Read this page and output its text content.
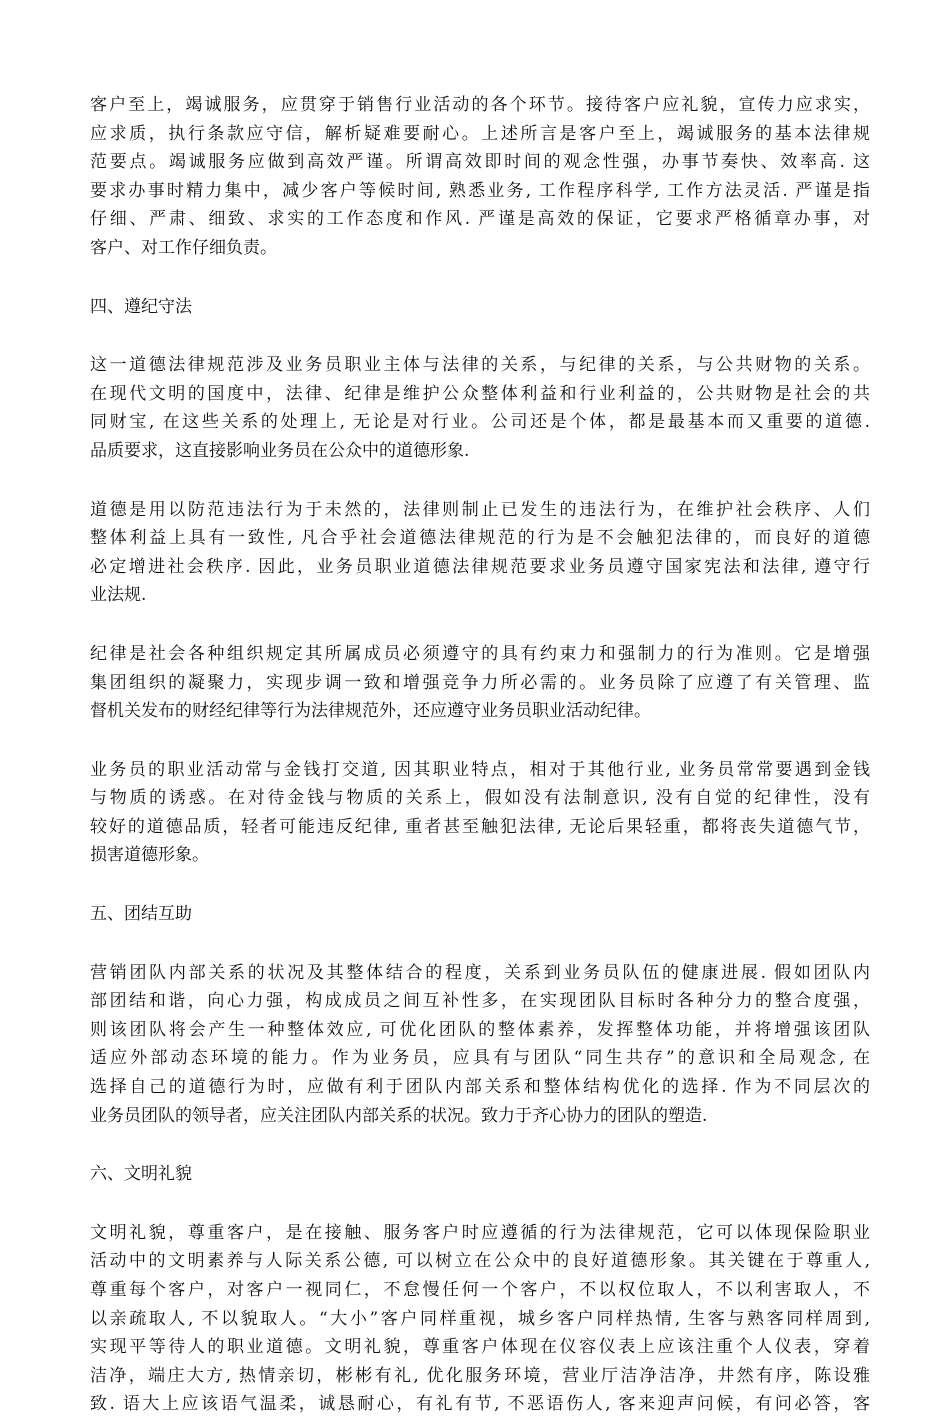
客户至上，竭诚服务，应贯穿于销售行业活动的各个环节。接待客户应礼貌，宣传力应求实，
应求质，执行条款应守信，解析疑难要耐心。上述所言是客户至上，竭诚服务的基本法律规
范要点。竭诚服务应做到高效严谨。所谓高效即时间的观念性强，办事节奏快、效率高. 这
要求办事时精力集中，减少客户等候时间, 熟悉业务, 工作程序科学, 工作方法灵活. 严谨是指
仔细、严肃、细致、求实的工作态度和作风. 严谨是高效的保证，它要求严格循章办事，对
客户、对工作仔细负责。
四、遵纪守法
这一道德法律规范涉及业务员职业主体与法律的关系，与纪律的关系，与公共财物的关系。
在现代文明的国度中，法律、纪律是维护公众整体利益和行业利益的，公共财物是社会的共
同财宝, 在这些关系的处理上, 无论是对行业。公司还是个体，都是最基本而又重要的道德.
品质要求，这直接影响业务员在公众中的道德形象.
道德是用以防范违法行为于未然的，法律则制止已发生的违法行为，在维护社会秩序、人们
整体利益上具有一致性, 凡合乎社会道德法律规范的行为是不会触犯法律的，而良好的道德
必定增进社会秩序. 因此，业务员职业道德法律规范要求业务员遵守国家宪法和法律, 遵守行
业法规.
纪律是社会各种组织规定其所属成员必须遵守的具有约束力和强制力的行为准则。它是增强
集团组织的凝聚力，实现步调一致和增强竞争力所必需的。业务员除了应遵了有关管理、监
督机关发布的财经纪律等行为法律规范外，还应遵守业务员职业活动纪律。
业务员的职业活动常与金钱打交道, 因其职业特点，相对于其他行业, 业务员常常要遇到金钱
与物质的诱惑。在对待金钱与物质的关系上，假如没有法制意识, 没有自觉的纪律性，没有
较好的道德品质，轻者可能违反纪律, 重者甚至触犯法律, 无论后果轻重，都将丧失道德气节，
损害道德形象。
五、团结互助
营销团队内部关系的状况及其整体结合的程度，关系到业务员队伍的健康进展. 假如团队内
部团结和谐，向心力强，构成成员之间互补性多，在实现团队目标时各种分力的整合度强，
则该团队将会产生一种整体效应, 可优化团队的整体素养，发挥整体功能，并将增强该团队
适应外部动态环境的能力。作为业务员，应具有与团队“同生共存”的意识和全局观念, 在
选择自己的道德行为时，应做有利于团队内部关系和整体结构优化的选择. 作为不同层次的
业务员团队的领导者，应关注团队内部关系的状况。致力于齐心协力的团队的塑造.
六、文明礼貌
文明礼貌，尊重客户，是在接触、服务客户时应遵循的行为法律规范，它可以体现保险职业
活动中的文明素养与人际关系公德, 可以树立在公众中的良好道德形象。其关键在于尊重人,
尊重每个客户，对客户一视同仁，不怠慢任何一个客户，不以权位取人，不以利害取人，不
以亲疏取人, 不以貌取人。“大小”客户同样重视，城乡客户同样热情, 生客与熟客同样周到,
实现平等待人的职业道德。文明礼貌，尊重客户体现在仪容仪表上应该注重个人仪表，穿着
洁净，端庄大方, 热情亲切，彬彬有礼, 优化服务环境，营业厅洁净洁净，井然有序，陈设雅
致. 语大上应该语气温柔，诚恳耐心，有礼有节, 不恶语伤人, 客来迎声问候，有问必答，客
